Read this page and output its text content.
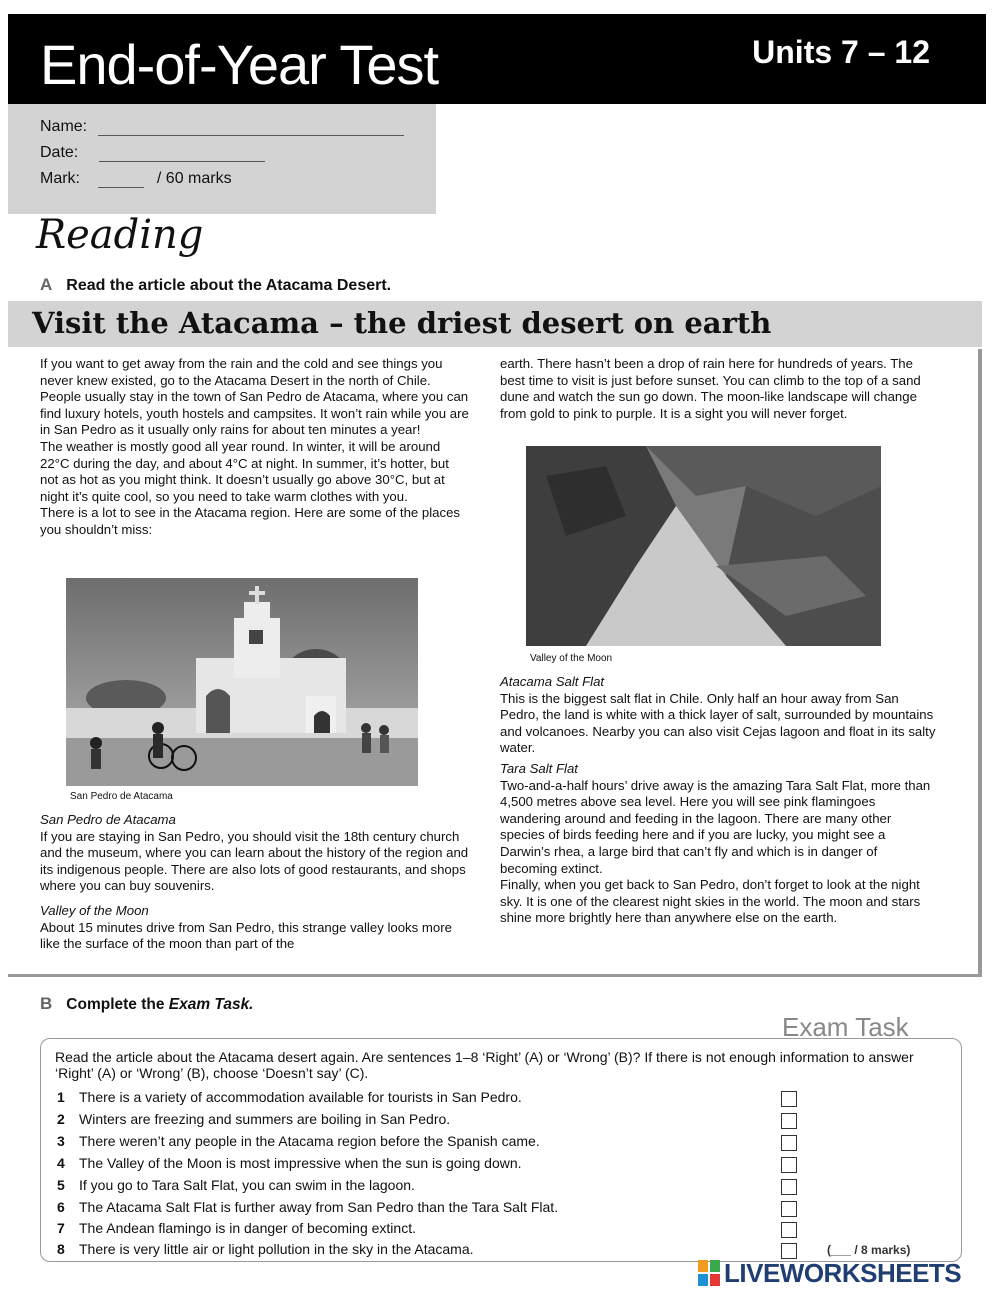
End-of-Year Test	Units 7 – 12
Name:
Date:
Mark:	/ 60 marks
Reading
A Read the article about the Atacama Desert.
Visit the Atacama – the driest desert on earth

If you want to get away from the rain and the cold and see things you never knew existed, go to the Atacama Desert in the north of Chile. People usually stay in the town of San Pedro de Atacama, where you can find luxury hotels, youth hostels and campsites. It won’t rain while you are in San Pedro as it usually only rains for about ten minutes a year!

The weather is mostly good all year round. In winter, it will be around 22°C during the day, and about 4°C at night. In summer, it’s hotter, but not as hot as you might think. It doesn’t usually go above 30°C, but at night it’s quite cool, so you need to take warm clothes with you.

There is a lot to see in the Atacama region. Here are some of the places you shouldn’t miss:

San Pedro de Atacama

San Pedro de Atacama

If you are staying in San Pedro, you should visit the 18th century church and the museum, where you can learn about the history of the region and its indigenous people. There are also lots of good restaurants, and shops where you can buy souvenirs.

Valley of the Moon

About 15 minutes drive from San Pedro, this strange valley looks more like the surface of the moon than part of the

earth. There hasn’t been a drop of rain here for hundreds of years. The best time to visit is just before sunset. You can climb to the top of a sand dune and watch the sun go down. The moon-like landscape will change from gold to pink to purple. It is a sight you will never forget.

Valley of the Moon

Atacama Salt Flat

This is the biggest salt flat in Chile. Only half an hour away from San Pedro, the land is white with a thick layer of salt, surrounded by mountains and volcanoes. Nearby you can also visit Cejas lagoon and float in its salty water.

Tara Salt Flat

Two-and-a-half hours’ drive away is the amazing Tara Salt Flat, more than 4,500 metres above sea level. Here you will see pink flamingoes wandering around and feeding in the lagoon. There are many other species of birds feeding here and if you are lucky, you might see a Darwin’s rhea, a large bird that can’t fly and which is in danger of becoming extinct.

Finally, when you get back to San Pedro, don’t forget to look at the night sky. It is one of the clearest night skies in the world. The moon and stars shine more brightly here than anywhere else on the earth.

B Complete the Exam Task.
Exam Task
Read the article about the Atacama desert again. Are sentences 1–8 ‘Right’ (A) or ‘Wrong’ (B)? If there is not enough information to answer ‘Right’ (A) or ‘Wrong’ (B), choose ‘Doesn’t say’ (C).
1 There is a variety of accommodation available for tourists in San Pedro.
2 Winters are freezing and summers are boiling in San Pedro.
3 There weren’t any people in the Atacama region before the Spanish came.
4 The Valley of the Moon is most impressive when the sun is going down.
5 If you go to Tara Salt Flat, you can swim in the lagoon.
6 The Atacama Salt Flat is further away from San Pedro than the Tara Salt Flat.
7 The Andean flamingo is in danger of becoming extinct.
8 There is very little air or light pollution in the sky in the Atacama.	(___ / 8 marks)
LIVEWORKSHEETS
